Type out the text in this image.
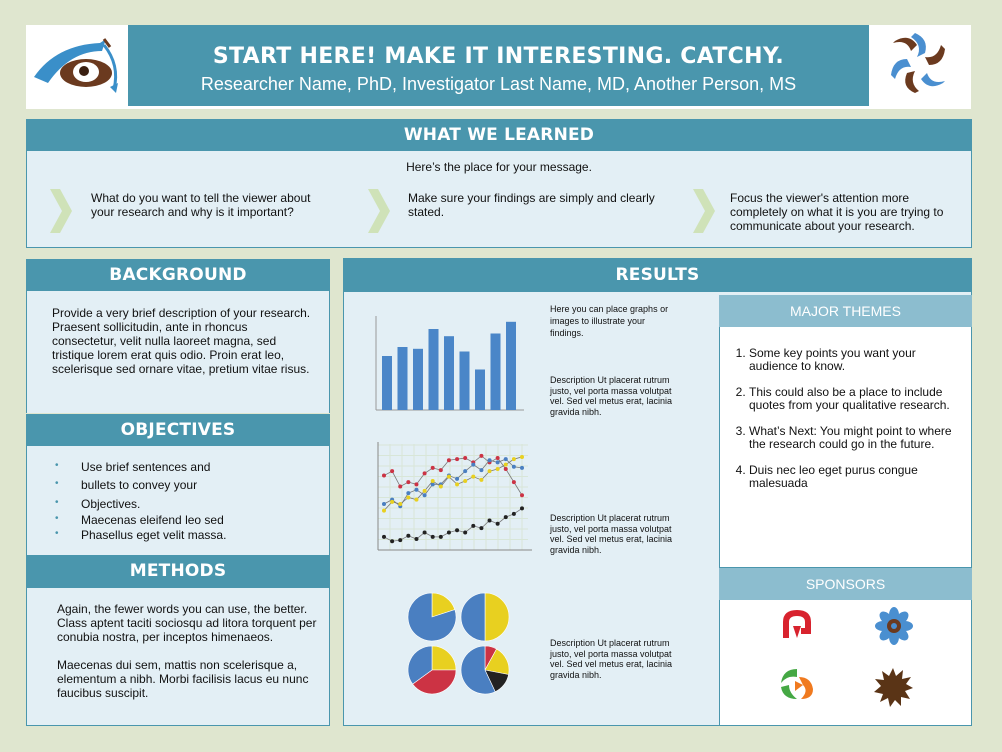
START HERE! MAKE IT INTERESTING. CATCHY.
Researcher Name, PhD, Investigator Last Name, MD, Another Person, MS
WHAT WE LEARNED
Here’s the place for your message.
What do you want to tell the viewer about your research and why is it important?
Make sure your findings are simply and clearly stated.
Focus the viewer's attention more completely on what it is you are trying to communicate about your research.
BACKGROUND
Provide a very brief description of your research. Praesent sollicitudin, ante in rhoncus consectetur, velit nulla laoreet magna, sed tristique lorem erat quis odio. Proin erat leo, scelerisque sed ornare vitae, pretium vitae risus.
OBJECTIVES
• Use brief sentences and
• bullets to convey your
• Objectives.
• Maecenas eleifend leo sed
• Phasellus eget velit massa.
METHODS
Again, the fewer words you can use, the better. Class aptent taciti sociosqu ad litora torquent per conubia nostra, per inceptos himenaeos.
Maecenas dui sem, mattis non scelerisque a, elementum a nibh. Morbi facilisis lacus eu nunc faucibus suscipit.
RESULTS
Here you can place graphs or images to illustrate your findings.
Description Ut placerat rutrum justo, vel porta massa volutpat vel. Sed vel metus erat, lacinia gravida nibh.
Description Ut placerat rutrum justo, vel porta massa volutpat vel. Sed vel metus erat, lacinia gravida nibh.
Description Ut placerat rutrum justo, vel porta massa volutpat vel. Sed vel metus erat, lacinia gravida nibh.
MAJOR THEMES
1. Some key points you want your audience to know.
2. This could also be a place to include quotes from your qualitative research.
3. What’s Next: You might point to where the research could go in the future.
4. Duis nec leo eget purus congue malesuada
SPONSORS
